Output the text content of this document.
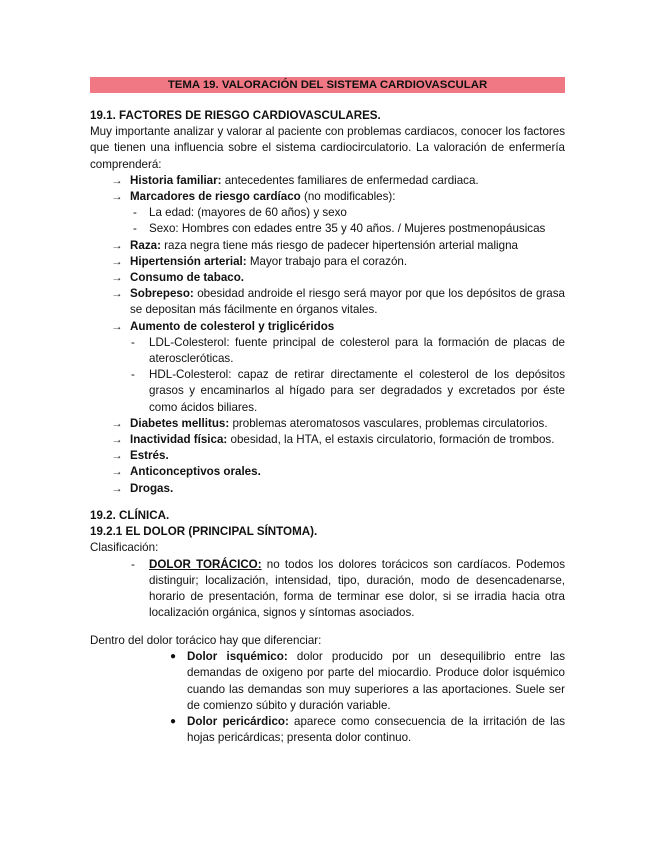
TEMA 19. VALORACIÓN DEL SISTEMA CARDIOVASCULAR
19.1. FACTORES DE RIESGO CARDIOVASCULARES.
Muy importante analizar y valorar al paciente con problemas cardiacos, conocer los factores que tienen una influencia sobre el sistema cardiocirculatorio. La valoración de enfermería comprenderá:
→ Historia familiar: antecedentes familiares de enfermedad cardiaca.
→ Marcadores de riesgo cardíaco (no modificables):
- La edad: (mayores de 60 años) y sexo
- Sexo: Hombres con edades entre 35 y 40 años. / Mujeres postmenopáusicas
→ Raza: raza negra tiene más riesgo de padecer hipertensión arterial maligna
→ Hipertensión arterial: Mayor trabajo para el corazón.
→ Consumo de tabaco.
→ Sobrepeso: obesidad androide el riesgo será mayor por que los depósitos de grasa se depositan más fácilmente en órganos vitales.
→ Aumento de colesterol y triglicéridos
- LDL-Colesterol: fuente principal de colesterol para la formación de placas de ateroscleróticas.
- HDL-Colesterol: capaz de retirar directamente el colesterol de los depósitos grasos y encaminarlos al hígado para ser degradados y excretados por éste como ácidos biliares.
→ Diabetes mellitus: problemas ateromatosos vasculares, problemas circulatorios.
→ Inactividad física: obesidad, la HTA, el estaxis circulatorio, formación de trombos.
→ Estrés.
→ Anticonceptivos orales.
→ Drogas.
19.2. CLÍNICA.
19.2.1 EL DOLOR (PRINCIPAL SÍNTOMA).
Clasificación:
- DOLOR TORÁCICO: no todos los dolores torácicos son cardíacos. Podemos distinguir; localización, intensidad, tipo, duración, modo de desencadenarse, horario de presentación, forma de terminar ese dolor, si se irradia hacia otra localización orgánica, signos y síntomas asociados.
Dentro del dolor torácico hay que diferenciar:
● Dolor isquémico: dolor producido por un desequilibrio entre las demandas de oxigeno por parte del miocardio. Produce dolor isquémico cuando las demandas son muy superiores a las aportaciones. Suele ser de comienzo súbito y duración variable.
● Dolor pericárdico: aparece como consecuencia de la irritación de las hojas pericárdicas; presenta dolor continuo.
